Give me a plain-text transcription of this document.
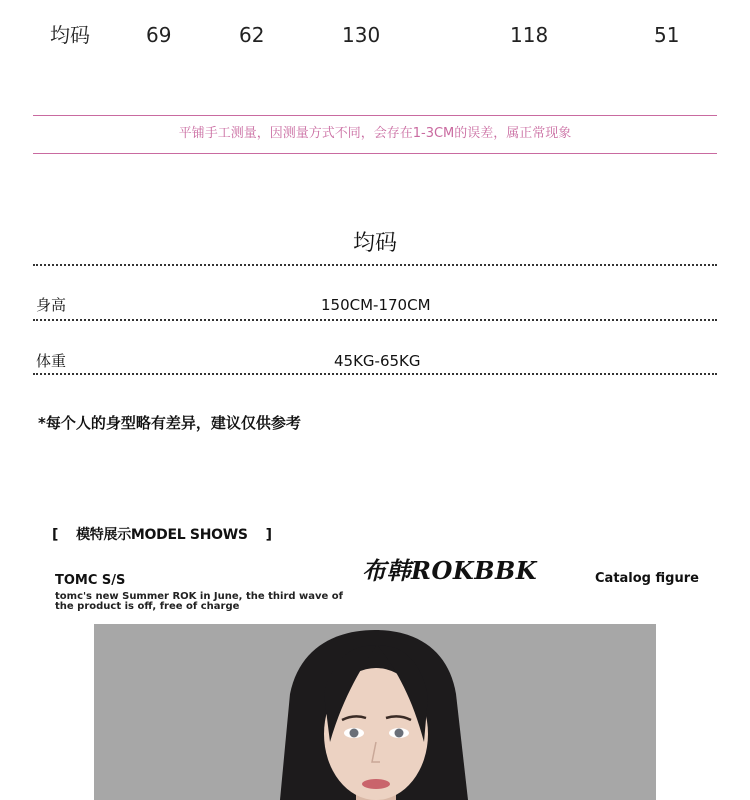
均码	69	62	130	118	51
平铺手工测量，因测量方式不同，会存在1-3CM的误差，属正常现象
均码
身高	150CM-170CM
体重	45KG-65KG
*每个人的身型略有差异，建议仅供参考
[ 模特展示MODEL SHOWS ]
TOMC S/S
tomc's new Summer ROK in June, the third wave of
the product is off, free of charge
布韩ROKBBK	Catalog figure
